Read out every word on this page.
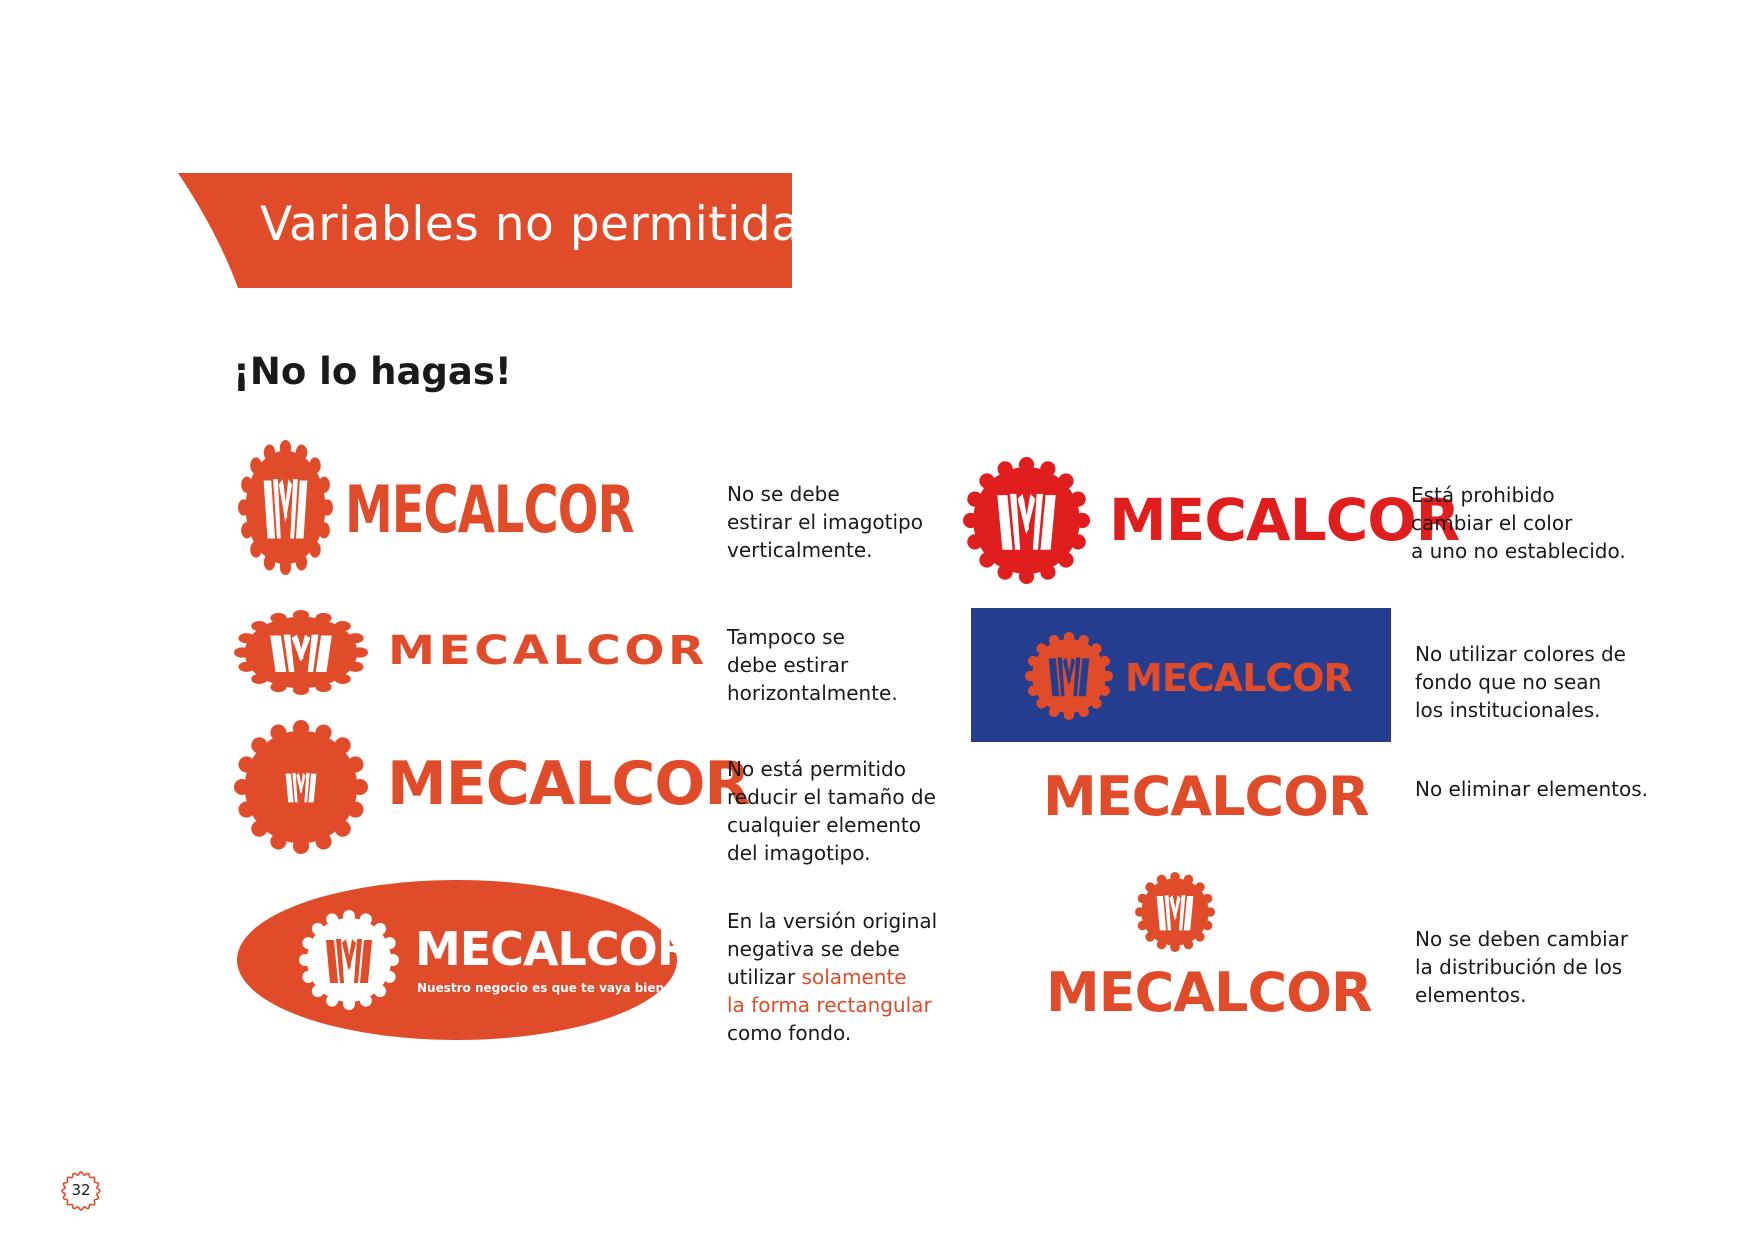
Variables no permitidas
¡No lo hagas!
MECALCOR	No se debe
estirar el imagotipo
verticalmente.
MECALCOR Tampoco se
debe estirar
horizontalmente.
MECALCOR
No está permitido
reducir el tamaño de
cualquier elemento
del imagotipo.
MECALCOR
Nuestro negocio es que te vaya bien
En la versión original
negativa se debe
utilizar solamente
la forma rectangular
como fondo.
MECALCOR
Está prohibido
cambiar el color
a uno no establecido.
MECALCOR
No utilizar colores de
fondo que no sean
los institucionales.
MECALCOR No eliminar elementos.
MECALCOR
No se deben cambiar
la distribución de los
elementos.
32
